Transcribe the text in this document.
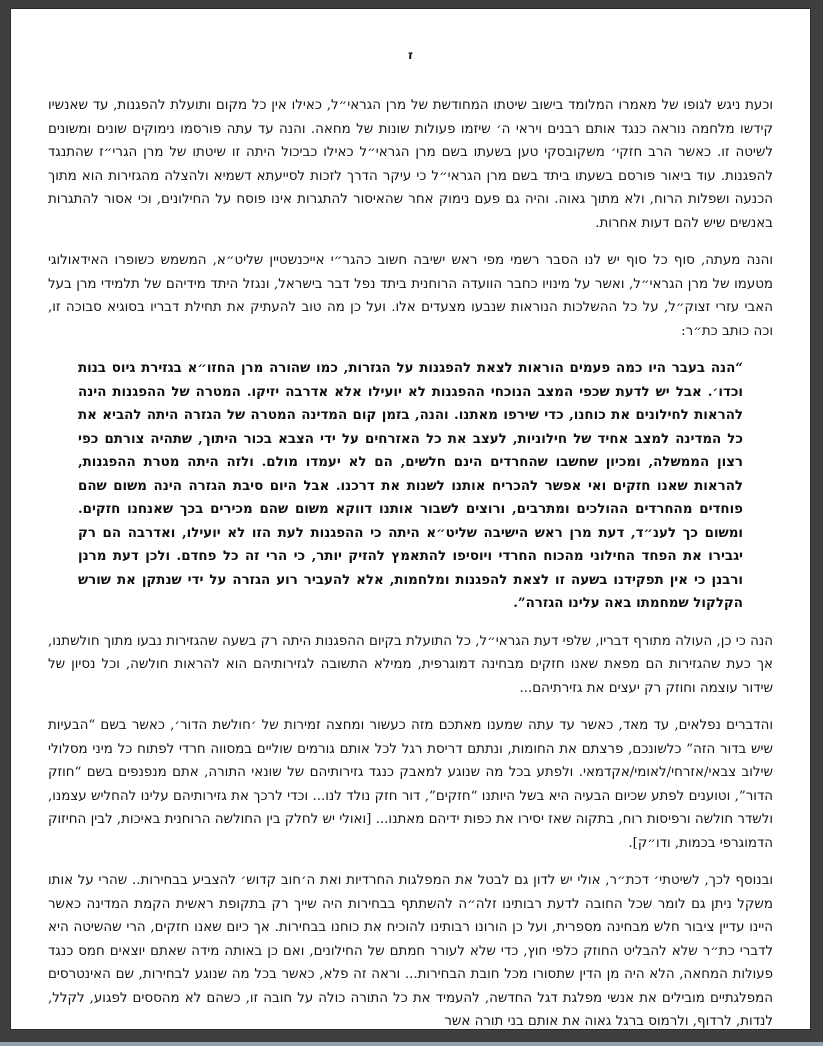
ז

וכעת ניגש לגופו של מאמרו המלומד בישוב שיטתו המחודשת של מרן הגראי״ל, כאילו אין כל מקום ותועלת להפגנות, עד שאנשיו קידשו מלחמה נוראה כנגד אותם רבנים ויראי ה׳ שיזמו פעולות שונות של מחאה. והנה עד עתה פורסמו נימוקים שונים ומשונים לשיטה זו. כאשר הרב חזקי׳ משקובסקי טען בשעתו בשם מרן הגראי״ל כאילו כביכול היתה זו שיטתו של מרן הגרי״ז שהתנגד להפגנות. עוד ביאור פורסם בשעתו ביתד בשם מרן הגראי״ל כי עיקר הדרך לזכות לסייעתא דשמיא ולהצלה מהגזירות הוא מתוך הכנעה ושפלות הרוח, ולא מתוך גאוה. והיה גם פעם נימוק אחר שהאיסור להתגרות אינו פוסח על החילונים, וכי אסור להתגרות באנשים שיש להם דעות אחרות.

והנה מעתה, סוף כל סוף יש לנו הסבר רשמי מפי ראש ישיבה חשוב כהגר״י אייכנשטיין שליט״א, המשמש כשופרו האידאולוגי מטעמו של מרן הגראי״ל, ואשר על מינויו כחבר הוועדה הרוחנית ביתד נפל דבר בישראל, ונגזל היתד מידיהם של תלמידי מרן בעל האבי עזרי זצוק״ל, על כל ההשלכות הנוראות שנבעו מצעדים אלו. ועל כן מה טוב להעתיק את תחילת דבריו בסוגיא סבוכה זו, וכה כותב כת״ר:

“הנה בעבר היו כמה פעמים הוראות לצאת להפגנות על הגזרות, כמו שהורה מרן החזו״א בגזירת גיוס בנות וכדו׳. אבל יש לדעת שכפי המצב הנוכחי ההפגנות לא יועילו אלא אדרבה יזיקו. המטרה של ההפגנות הינה להראות לחילונים את כוחנו, כדי שירפו מאתנו. והנה, בזמן קום המדינה המטרה של הגזרה היתה להביא את כל המדינה למצב אחיד של חילוניות, לעצב את כל האזרחים על ידי הצבא בכור היתוך, שתהיה צורתם כפי רצון הממשלה, ומכיון שחשבו שהחרדים הינם חלשים, הם לא יעמדו מולם. ולזה היתה מטרת ההפגנות, להראות שאנו חזקים ואי אפשר להכריח אותנו לשנות את דרכנו. אבל היום סיבת הגזרה הינה משום שהם פוחדים מהחרדים ההולכים ומתרבים, ורוצים לשבור אותנו דווקא משום שהם מכירים בכך שאנחנו חזקים. ומשום כך לענ״ד, דעת מרן ראש הישיבה שליט״א היתה כי ההפגנות לעת הזו לא יועילו, ואדרבה הם רק יגבירו את הפחד החילוני מהכוח החרדי ויוסיפו להתאמץ להזיק יותר, כי הרי זה כל פחדם. ולכן דעת מרנן ורבנן כי אין תפקידנו בשעה זו לצאת להפגנות ומלחמות, אלא להעביר רוע הגזרה על ידי שנתקן את שורש הקלקול שמחמתו באה עלינו הגזרה”.

הנה כי כן, העולה מתורף דבריו, שלפי דעת הגראי״ל, כל התועלת בקיום ההפגנות היתה רק בשעה שהגזירות נבעו מתוך חולשתנו, אך כעת שהגזירות הם מפאת שאנו חזקים מבחינה דמוגרפית, ממילא התשובה לגזירותיהם הוא להראות חולשה, וכל נסיון של שידור עוצמה וחוזק רק יעצים את גזירתיהם...

והדברים נפלאים, עד מאד, כאשר עד עתה שמענו מאתכם מזה כעשור ומחצה זמירות של ׳חולשת הדור׳, כאשר בשם “הבעיות שיש בדור הזה” כלשונכם, פרצתם את החומות, ונתתם דריסת רגל לכל אותם גורמים שוליים במסווה חרדי לפתוח כל מיני מסלולי שילוב צבאי/אזרחי/לאומי/אקדמאי. ולפתע בכל מה שנוגע למאבק כנגד גזירותיהם של שונאי התורה, אתם מנפנפים בשם “חוזק הדור”, וטוענים לפתע שכיום הבעיה היא בשל היותנו “חזקים”, דור חזק נולד לנו... וכדי לרכך את גזירותיהם עלינו להחליש עצמנו, ולשדר חולשה ורפיסות רוח, בתקוה שאז יסירו את כפות ידיהם מאתנו... [ואולי יש לחלק בין החולשה הרוחנית באיכות, לבין החיזוק הדמוגרפי בכמות, ודו״ק].

ובנוסף לכך, לשיטתי׳ דכת״ר, אולי יש לדון גם לבטל את המפלגות החרדיות ואת ה׳חוב קדוש׳ להצביע בבחירות.. שהרי על אותו משקל ניתן גם לומר שכל החובה לדעת רבותינו זלה״ה להשתתף בבחירות היה שייך רק בתקופת ראשית הקמת המדינה כאשר היינו עדיין ציבור חלש מבחינה מספרית, ועל כן הורונו רבותינו להוכיח את כוחנו בבחירות. אך כיום שאנו חזקים, הרי שהשיטה היא לדברי כת״ר שלא להבליט החוזק כלפי חוץ, כדי שלא לעורר חמתם של החילונים, ואם כן באותה מידה שאתם יוצאים חמס כנגד פעולות המחאה, הלא היה מן הדין שתסורו מכל חובת הבחירות... וראה זה פלא, כאשר בכל מה שנוגע לבחירות, שם האינטרסים המפלגתיים מובילים את אנשי מפלגת דגל החדשה, להעמיד את כל התורה כולה על חובה זו, כשהם לא מהססים לפגוע, לקלל, לנדות, לרדוף, ולרמוס ברגל גאוה את אותם בני תורה אשר
